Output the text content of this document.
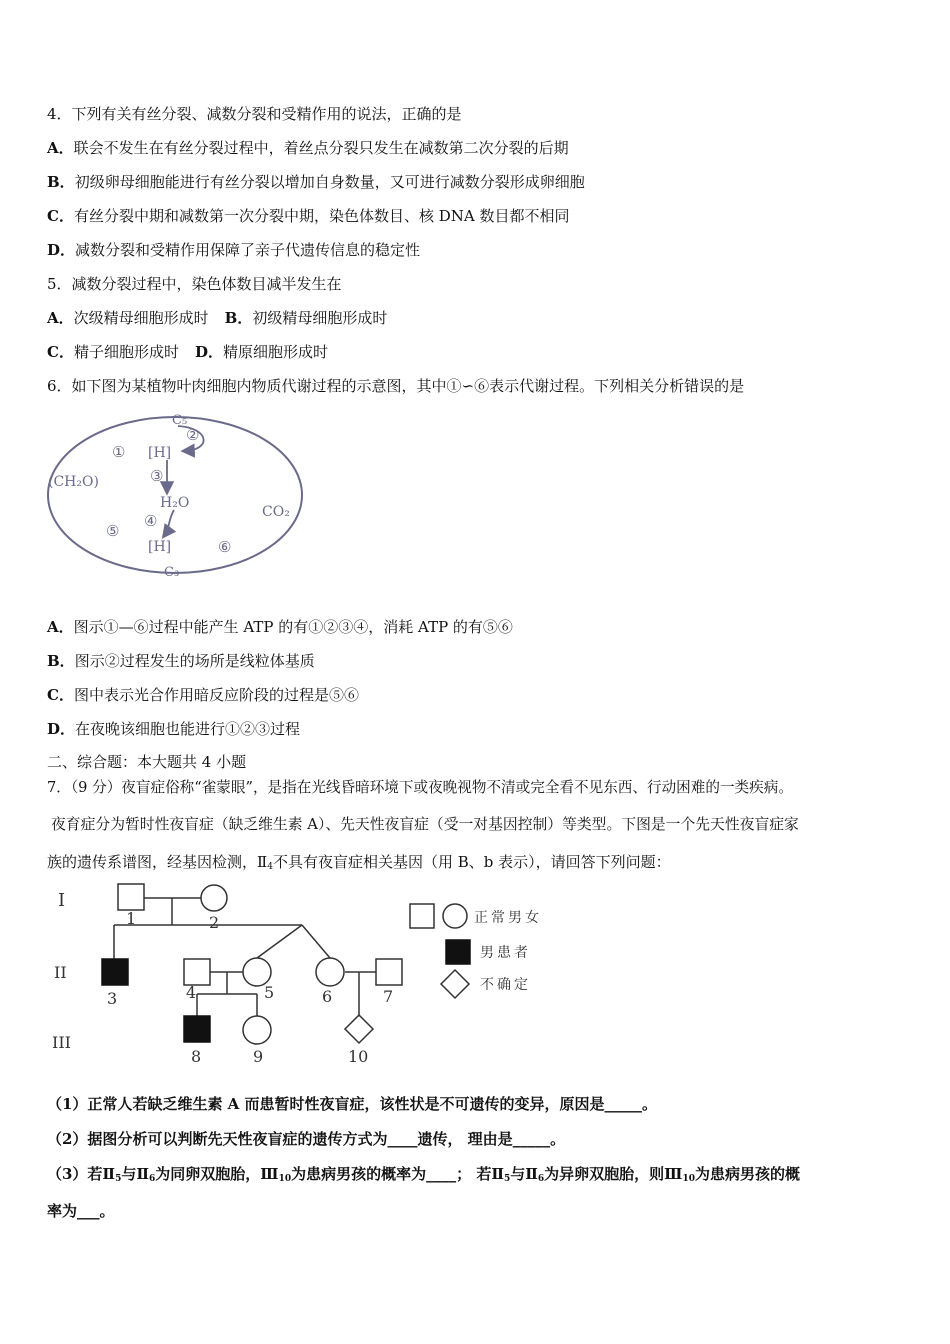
4．下列有关有丝分裂、减数分裂和受精作用的说法，正确的是
A．联会不发生在有丝分裂过程中，着丝点分裂只发生在减数第二次分裂的后期
B．初级卵母细胞能进行有丝分裂以增加自身数量，又可进行减数分裂形成卵细胞
C．有丝分裂中期和减数第一次分裂中期，染色体数目、核 DNA 数目都不相同
D．减数分裂和受精作用保障了亲子代遗传信息的稳定性
5．减数分裂过程中，染色体数目减半发生在
A．次级精母细胞形成时 B．初级精母细胞形成时
C．精子细胞形成时 D．精原细胞形成时
6．如下图为某植物叶肉细胞内物质代谢过程的示意图，其中①∽⑥表示代谢过程。下列相关分析错误的是
C₅
[H]
②
①
③
H₂O
(CH₂O)
CO₂
④
⑤
[H]	⑥
C₃
A．图示①—⑥过程中能产生 ATP 的有①②③④，消耗 ATP 的有⑤⑥
B．图示②过程发生的场所是线粒体基质
C．图中表示光合作用暗反应阶段的过程是⑤⑥
D．在夜晚该细胞也能进行①②③过程
二、综合题：本大题共 4 小题
7．（9 分）夜盲症俗称“雀蒙眼”，是指在光线昏暗环境下或夜晚视物不清或完全看不见东西、行动困难的一类疾病。
夜育症分为暂时性夜盲症（缺乏维生素 A）、先天性夜盲症（受一对基因控制）等类型。下图是一个先天性夜盲症家
族的遗传系谱图，经基因检测，$Ⅱ_4$不具有夜盲症相关基因（用 B、b 表示），请回答下列问题：
I
II
III
1	2
3	4	5	6	7
8	9	10
正常男女
男患者
不确定
（1）正常人若缺乏维生素 A 而患暂时性夜盲症，该性状是不可遗传的变异，原因是_____。
（2）据图分析可以判断先天性夜盲症的遗传方式为____遗传， 理由是_____。
（3）若$Ⅱ_5$与$Ⅱ_6$为同卵双胞胎，$Ⅲ_{10}$为患病男孩的概率为____； 若$Ⅱ_5$与$Ⅱ_6$为异卵双胞胎，则$Ⅲ_{10}$为患病男孩的概
率为___。
